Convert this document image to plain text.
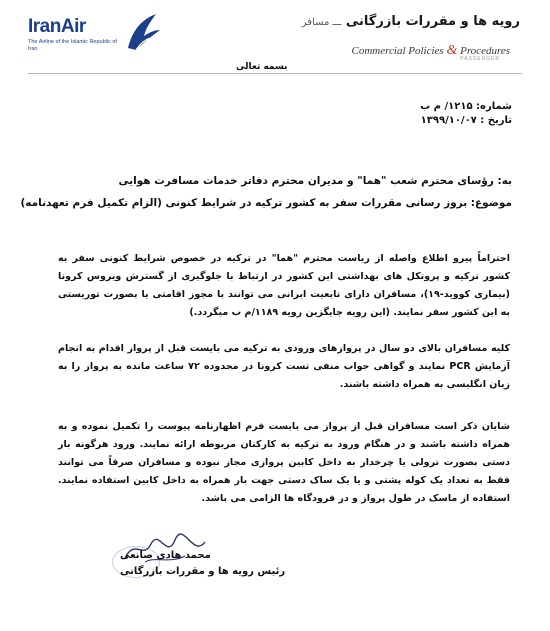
IranAir
The Airline of the Islamic Republic of Iran
رویه ها و مقررات بازرگانی ـــ مسافر
Commercial Policies & Procedures
PASSENGER
بسمه تعالی
شماره: ۱۲۱۵/ م ب
تاریخ : ۱۳۹۹/۱۰/۰۷
به: رؤسای محترم شعب "هما" و مدیران محترم دفاتر خدمات مسافرت هوایی
موضوع: بروز رسانی مقررات سفر به کشور ترکیه در شرایط کنونی (الزام تکمیل فرم تعهدنامه)
احتراماً پیرو اطلاع واصله از ریاست محترم "هما" در ترکیه در خصوص شرایط کنونی سفر به کشور ترکیه و پروتکل های بهداشتی این کشور در ارتباط با جلوگیری از گسترش ویروس کرونا (بیماری کووید-۱۹)، مسافران دارای تابعیت ایرانی می توانند با مجوز اقامتی یا بصورت توریستی به این کشور سفر نمایند. (این رویه جایگزین رویه ۱۱۸۹/م ب میگردد.)
کلیه مسافران بالای دو سال در پروازهای ورودی به ترکیه می بایست قبل از پرواز اقدام به انجام آزمایش PCR نمایند و گواهی جواب منفی تست کرونا در محدوده ۷۲ ساعت مانده به پرواز را به زبان انگلیسی به همراه داشته باشند.
شایان ذکر است مسافران قبل از پرواز می بایست فرم اظهارنامه پیوست را تکمیل نموده و به همراه داشته باشند و در هنگام ورود به ترکیه به کارکنان مربوطه ارائه نمایند. ورود هرگونه بار دستی بصورت ترولی یا چرخدار به داخل کابین پروازی مجاز نبوده و مسافران صرفاً می توانند فقط به تعداد یک کوله پشتی و یا یک ساک دستی جهت بار همراه به داخل کابین استفاده نمایند. استفاده از ماسک در طول پرواز و در فرودگاه ها الزامی می باشد.
محمد هادی صانعی
رئیس رویه ها و مقررات بازرگانی
